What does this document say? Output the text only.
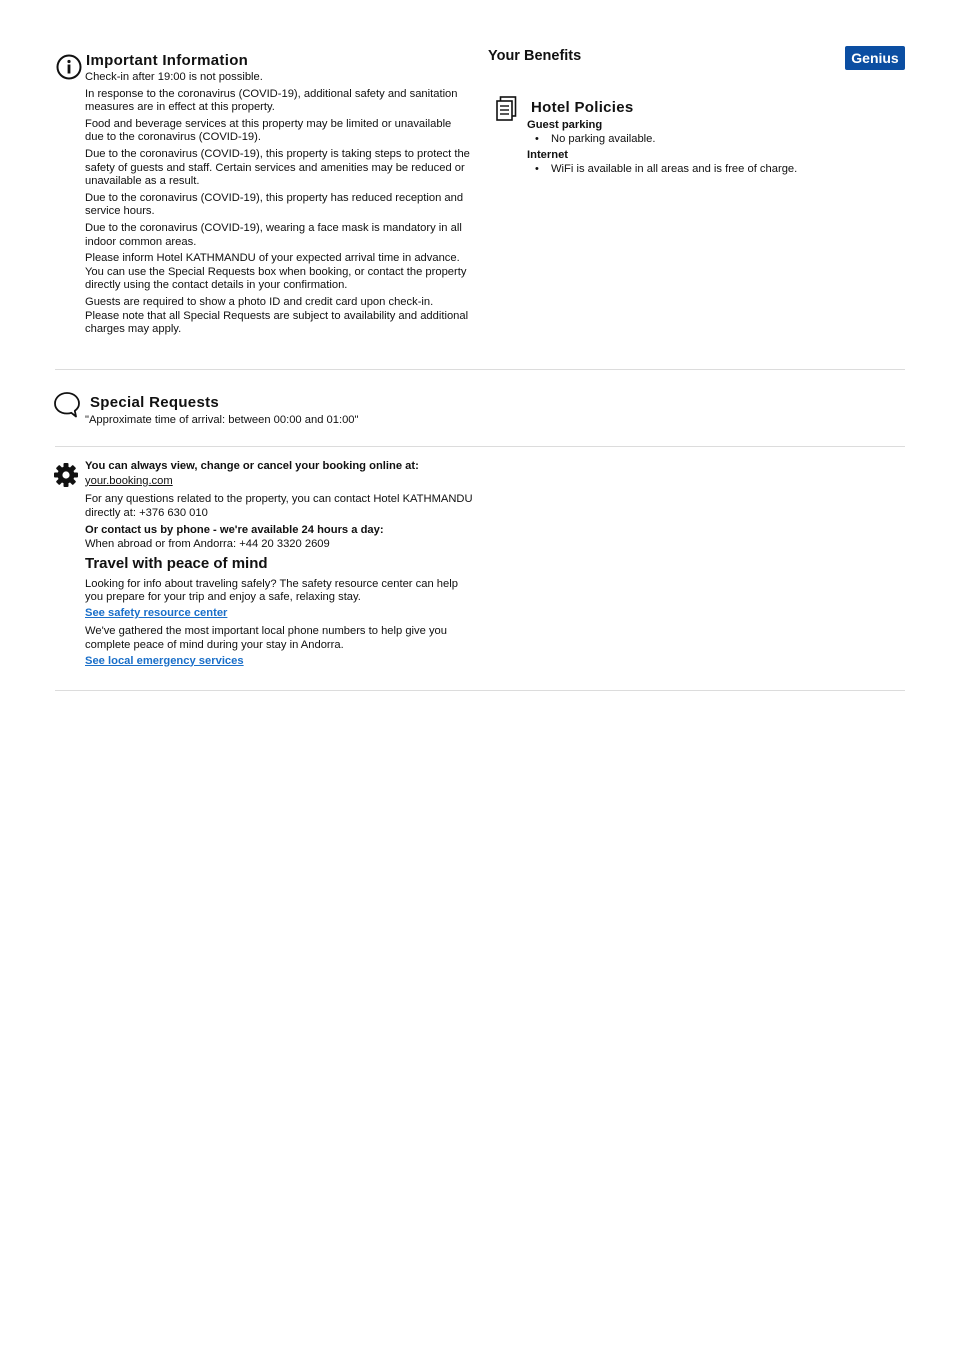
Important Information

Check-in after 19:00 is not possible.

In response to the coronavirus (COVID-19), additional safety and sanitation measures are in effect at this property.

Food and beverage services at this property may be limited or unavailable due to the coronavirus (COVID-19).

Due to the coronavirus (COVID-19), this property is taking steps to protect the safety of guests and staff. Certain services and amenities may be reduced or unavailable as a result.

Due to the coronavirus (COVID-19), this property has reduced reception and service hours.

Due to the coronavirus (COVID-19), wearing a face mask is mandatory in all indoor common areas.

Please inform Hotel KATHMANDU of your expected arrival time in advance. You can use the Special Requests box when booking, or contact the property directly using the contact details in your confirmation.

Guests are required to show a photo ID and credit card upon check-in. Please note that all Special Requests are subject to availability and additional charges may apply.

Your Benefits	Genius
Hotel Policies
Guest parking
• No parking available.
Internet
• WiFi is available in all areas and is free of charge.
Special Requests
"Approximate time of arrival: between 00:00 and 01:00"
You can always view, change or cancel your booking online at:
your.booking.com
For any questions related to the property, you can contact Hotel KATHMANDU directly at: +376 630 010
Or contact us by phone - we're available 24 hours a day:
When abroad or from Andorra: +44 20 3320 2609
Travel with peace of mind
Looking for info about traveling safely? The safety resource center can help you prepare for your trip and enjoy a safe, relaxing stay.
See safety resource center
We've gathered the most important local phone numbers to help give you complete peace of mind during your stay in Andorra.
See local emergency services
